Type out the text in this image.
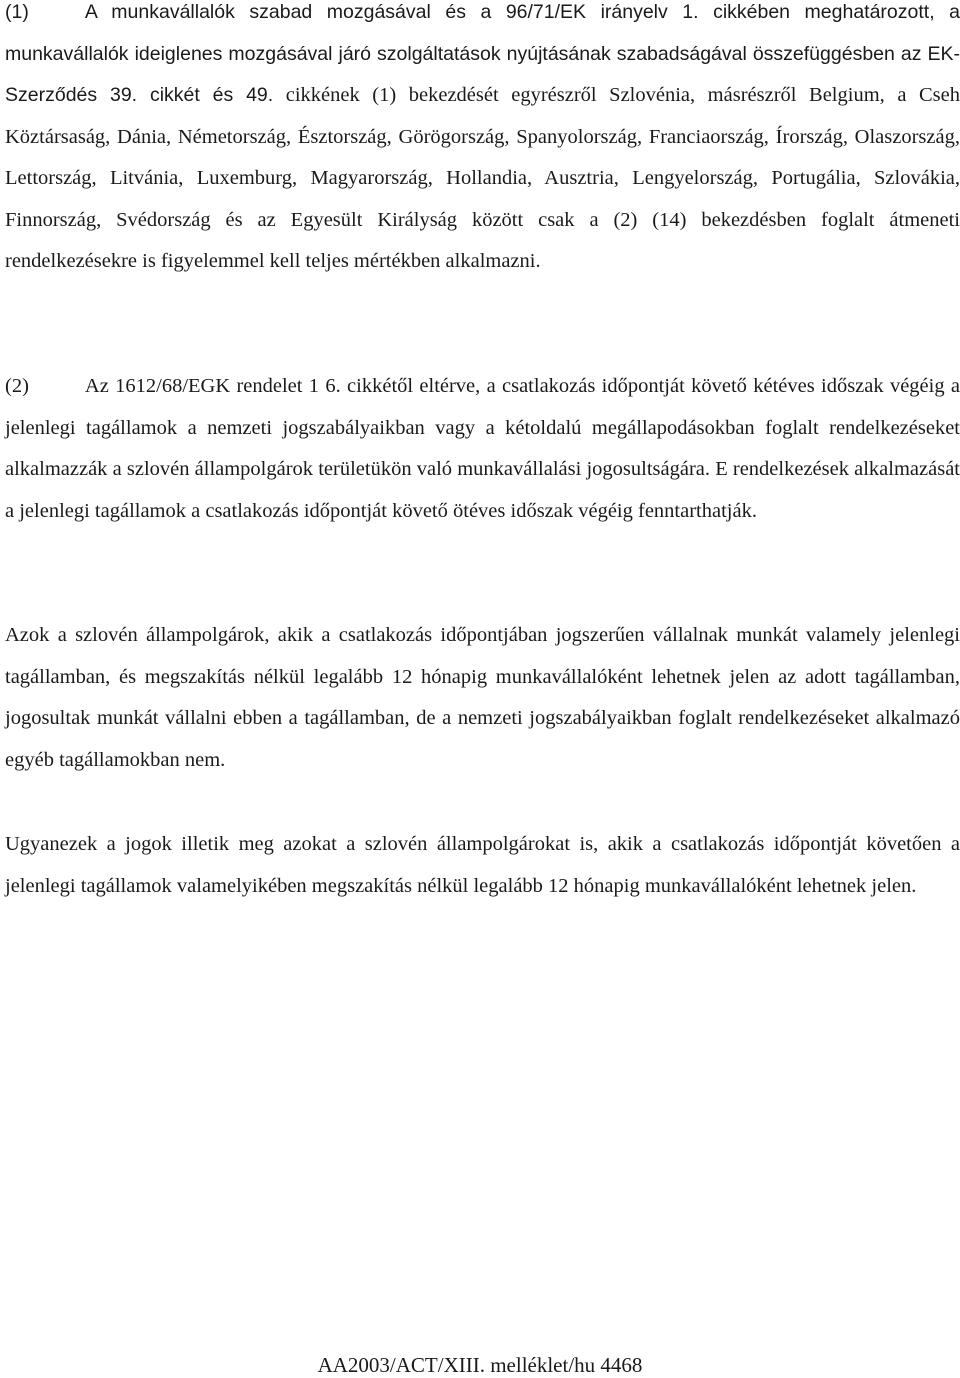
(1)	A munkavállalók szabad mozgásával és a 96/71/EK irányelv 1. cikkében meghatározott, a munkavállalók ideiglenes mozgásával járó szolgáltatások nyújtásának szabadságával összefüggésben az EK-Szerződés 39. cikkét és 49. cikkének (1) bekezdését egyrészről Szlovénia, másrészről Belgium, a Cseh Köztársaság, Dánia, Németország, Észtország, Görögország, Spanyolország, Franciaország, Írország, Olaszország, Lettország, Litvánia, Luxemburg, Magyarország, Hollandia, Ausztria, Lengyelország, Portugália, Szlovákia, Finnország, Svédország és az Egyesült Királyság között csak a (2) (14) bekezdésben foglalt átmeneti rendelkezésekre is figyelemmel kell teljes mértékben alkalmazni.

(2)	Az 1612/68/EGK rendelet 1 6. cikkétől eltérve, a csatlakozás időpontját követő kétéves időszak végéig a jelenlegi tagállamok a nemzeti jogszabályaikban vagy a kétoldalú megállapodásokban foglalt rendelkezéseket alkalmazzák a szlovén állampolgárok területükön való munkavállalási jogosultságára. E rendelkezések alkalmazását a jelenlegi tagállamok a csatlakozás időpontját követő ötéves időszak végéig fenntarthatják.

Azok a szlovén állampolgárok, akik a csatlakozás időpontjában jogszerűen vállalnak munkát valamely jelenlegi tagállamban, és megszakítás nélkül legalább 12 hónapig munkavállalóként lehetnek jelen az adott tagállamban, jogosultak munkát vállalni ebben a tagállamban, de a nemzeti jogszabályaikban foglalt rendelkezéseket alkalmazó egyéb tagállamokban nem.

Ugyanezek a jogok illetik meg azokat a szlovén állampolgárokat is, akik a csatlakozás időpontját követően a jelenlegi tagállamok valamelyikében megszakítás nélkül legalább 12 hónapig munkavállalóként lehetnek jelen.

AA2003/ACT/XIII. melléklet/hu 4468
